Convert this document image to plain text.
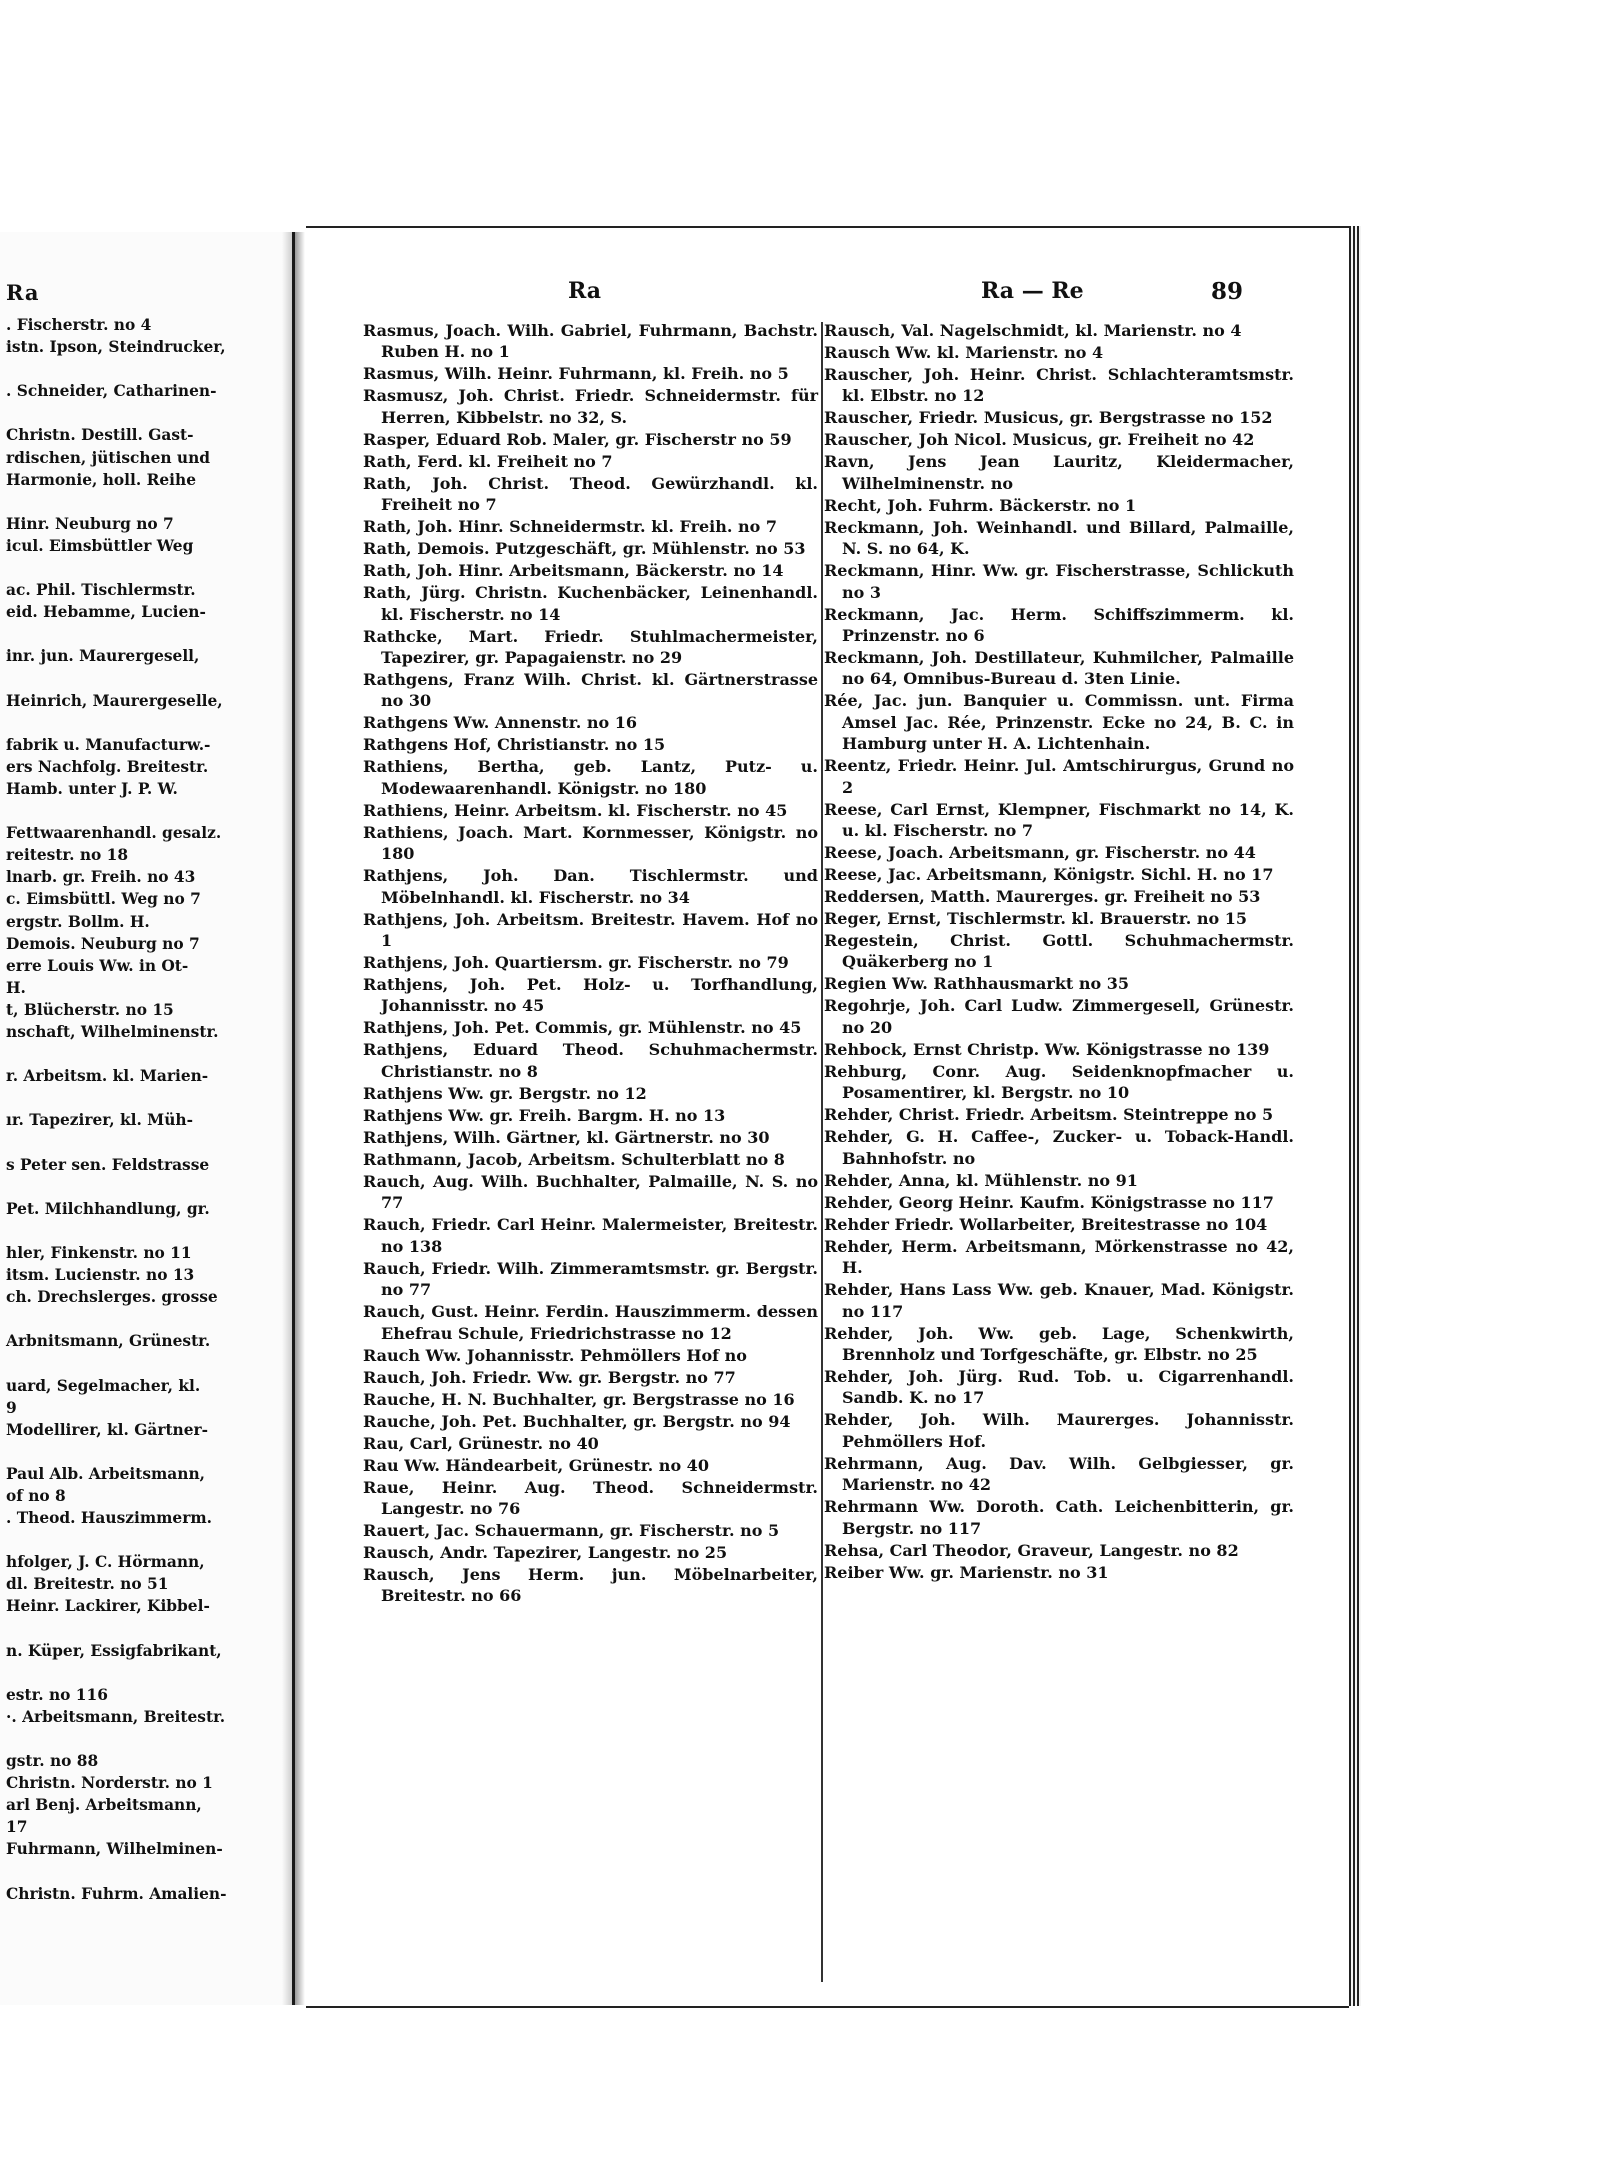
Ra
. Fischerstr. no 4
istn. Ipson, Steindrucker,

. Schneider, Catharinen-

Christn. Destill. Gast-
rdischen, jütischen und
Harmonie, holl. Reihe

Hinr. Neuburg no 7
icul. Eimsbüttler Weg

ac. Phil. Tischlermstr.
eid. Hebamme, Lucien-

inr. jun. Maurergesell,

Heinrich, Maurergeselle,

fabrik u. Manufacturw.-
ers Nachfolg. Breitestr.
Hamb. unter J. P. W.

Fettwaarenhandl. gesalz.
reitestr. no 18
lnarb. gr. Freih. no 43
c. Eimsbüttl. Weg no 7
ergstr. Bollm. H.
Demois. Neuburg no 7
erre Louis Ww. in Ot-
H.
t, Blücherstr. no 15
nschaft, Wilhelminenstr.

r. Arbeitsm. kl. Marien-

ır. Tapezirer, kl. Müh-

s Peter sen. Feldstrasse

Pet. Milchhandlung, gr.

hler, Finkenstr. no 11
itsm. Lucienstr. no 13
ch. Drechslerges. grosse

Arbnitsmann, Grünestr.

uard, Segelmacher, kl.
9
Modellirer, kl. Gärtner-

Paul Alb. Arbeitsmann,
of no 8
. Theod. Hauszimmerm.

hfolger, J. C. Hörmann,
dl. Breitestr. no 51
Heinr. Lackirer, Kibbel-

n. Küper, Essigfabrikant,

estr. no 116
·. Arbeitsmann, Breitestr.

gstr. no 88
Christn. Norderstr. no 1
arl Benj. Arbeitsmann,
17
Fuhrmann, Wilhelminen-

Christn. Fuhrm. Amalien-
Ra	Ra — Re	89
Rasmus, Joach. Wilh. Gabriel, Fuhrmann, Bachstr. Ruben H. no 1
Rasmus, Wilh. Heinr. Fuhrmann, kl. Freih. no 5
Rasmusz, Joh. Christ. Friedr. Schneidermstr. für Herren, Kibbelstr. no 32, S.
Rasper, Eduard Rob. Maler, gr. Fischerstr no 59
Rath, Ferd. kl. Freiheit no 7
Rath, Joh. Christ. Theod. Gewürzhandl. kl. Freiheit no 7
Rath, Joh. Hinr. Schneidermstr. kl. Freih. no 7
Rath, Demois. Putzgeschäft, gr. Mühlenstr. no 53
Rath, Joh. Hinr. Arbeitsmann, Bäckerstr. no 14
Rath, Jürg. Christn. Kuchenbäcker, Leinenhandl. kl. Fischerstr. no 14
Rathcke, Mart. Friedr. Stuhlmachermeister, Tapezirer, gr. Papagaienstr. no 29
Rathgens, Franz Wilh. Christ. kl. Gärtnerstrasse no 30
Rathgens Ww. Annenstr. no 16
Rathgens Hof, Christianstr. no 15
Rathiens, Bertha, geb. Lantz, Putz- u. Modewaarenhandl. Königstr. no 180
Rathiens, Heinr. Arbeitsm. kl. Fischerstr. no 45
Rathiens, Joach. Mart. Kornmesser, Königstr. no 180
Rathjens, Joh. Dan. Tischlermstr. und Möbelnhandl. kl. Fischerstr. no 34
Rathjens, Joh. Arbeitsm. Breitestr. Havem. Hof no 1
Rathjens, Joh. Quartiersm. gr. Fischerstr. no 79
Rathjens, Joh. Pet. Holz- u. Torfhandlung, Johannisstr. no 45
Rathjens, Joh. Pet. Commis, gr. Mühlenstr. no 45
Rathjens, Eduard Theod. Schuhmachermstr. Christianstr. no 8
Rathjens Ww. gr. Bergstr. no 12
Rathjens Ww. gr. Freih. Bargm. H. no 13
Rathjens, Wilh. Gärtner, kl. Gärtnerstr. no 30
Rathmann, Jacob, Arbeitsm. Schulterblatt no 8
Rauch, Aug. Wilh. Buchhalter, Palmaille, N. S. no 77
Rauch, Friedr. Carl Heinr. Malermeister, Breitestr. no 138
Rauch, Friedr. Wilh. Zimmeramtsmstr. gr. Bergstr. no 77
Rauch, Gust. Heinr. Ferdin. Hauszimmerm. dessen Ehefrau Schule, Friedrichstrasse no 12
Rauch Ww. Johannisstr. Pehmöllers Hof no
Rauch, Joh. Friedr. Ww. gr. Bergstr. no 77
Rauche, H. N. Buchhalter, gr. Bergstrasse no 16
Rauche, Joh. Pet. Buchhalter, gr. Bergstr. no 94
Rau, Carl, Grünestr. no 40
Rau Ww. Händearbeit, Grünestr. no 40
Raue, Heinr. Aug. Theod. Schneidermstr. Langestr. no 76
Rauert, Jac. Schauermann, gr. Fischerstr. no 5
Rausch, Andr. Tapezirer, Langestr. no 25
Rausch, Jens Herm. jun. Möbelnarbeiter, Breitestr. no 66
Rausch, Val. Nagelschmidt, kl. Marienstr. no 4
Rausch Ww. kl. Marienstr. no 4
Rauscher, Joh. Heinr. Christ. Schlachteramtsmstr. kl. Elbstr. no 12
Rauscher, Friedr. Musicus, gr. Bergstrasse no 152
Rauscher, Joh Nicol. Musicus, gr. Freiheit no 42
Ravn, Jens Jean Lauritz, Kleidermacher, Wilhelminenstr. no
Recht, Joh. Fuhrm. Bäckerstr. no 1
Reckmann, Joh. Weinhandl. und Billard, Palmaille, N. S. no 64, K.
Reckmann, Hinr. Ww. gr. Fischerstrasse, Schlickuth no 3
Reckmann, Jac. Herm. Schiffszimmerm. kl. Prinzenstr. no 6
Reckmann, Joh. Destillateur, Kuhmilcher, Palmaille no 64, Omnibus-Bureau d. 3ten Linie.
Rée, Jac. jun. Banquier u. Commissn. unt. Firma Amsel Jac. Rée, Prinzenstr. Ecke no 24, B. C. in Hamburg unter H. A. Lichtenhain.
Reentz, Friedr. Heinr. Jul. Amtschirurgus, Grund no 2
Reese, Carl Ernst, Klempner, Fischmarkt no 14, K. u. kl. Fischerstr. no 7
Reese, Joach. Arbeitsmann, gr. Fischerstr. no 44
Reese, Jac. Arbeitsmann, Königstr. Sichl. H. no 17
Reddersen, Matth. Maurerges. gr. Freiheit no 53
Reger, Ernst, Tischlermstr. kl. Brauerstr. no 15
Regestein, Christ. Gottl. Schuhmachermstr. Quäkerberg no 1
Regien Ww. Rathhausmarkt no 35
Regohrje, Joh. Carl Ludw. Zimmergesell, Grünestr. no 20
Rehbock, Ernst Christp. Ww. Königstrasse no 139
Rehburg, Conr. Aug. Seidenknopfmacher u. Posamentirer, kl. Bergstr. no 10
Rehder, Christ. Friedr. Arbeitsm. Steintreppe no 5
Rehder, G. H. Caffee-, Zucker- u. Toback-Handl. Bahnhofstr. no
Rehder, Anna, kl. Mühlenstr. no 91
Rehder, Georg Heinr. Kaufm. Königstrasse no 117
Rehder Friedr. Wollarbeiter, Breitestrasse no 104
Rehder, Herm. Arbeitsmann, Mörkenstrasse no 42, H.
Rehder, Hans Lass Ww. geb. Knauer, Mad. Königstr. no 117
Rehder, Joh. Ww. geb. Lage, Schenkwirth, Brennholz und Torfgeschäfte, gr. Elbstr. no 25
Rehder, Joh. Jürg. Rud. Tob. u. Cigarrenhandl. Sandb. K. no 17
Rehder, Joh. Wilh. Maurerges. Johannisstr. Pehmöllers Hof.
Rehrmann, Aug. Dav. Wilh. Gelbgiesser, gr. Marienstr. no 42
Rehrmann Ww. Doroth. Cath. Leichenbitterin, gr. Bergstr. no 117
Rehsa, Carl Theodor, Graveur, Langestr. no 82
Reiber Ww. gr. Marienstr. no 31
